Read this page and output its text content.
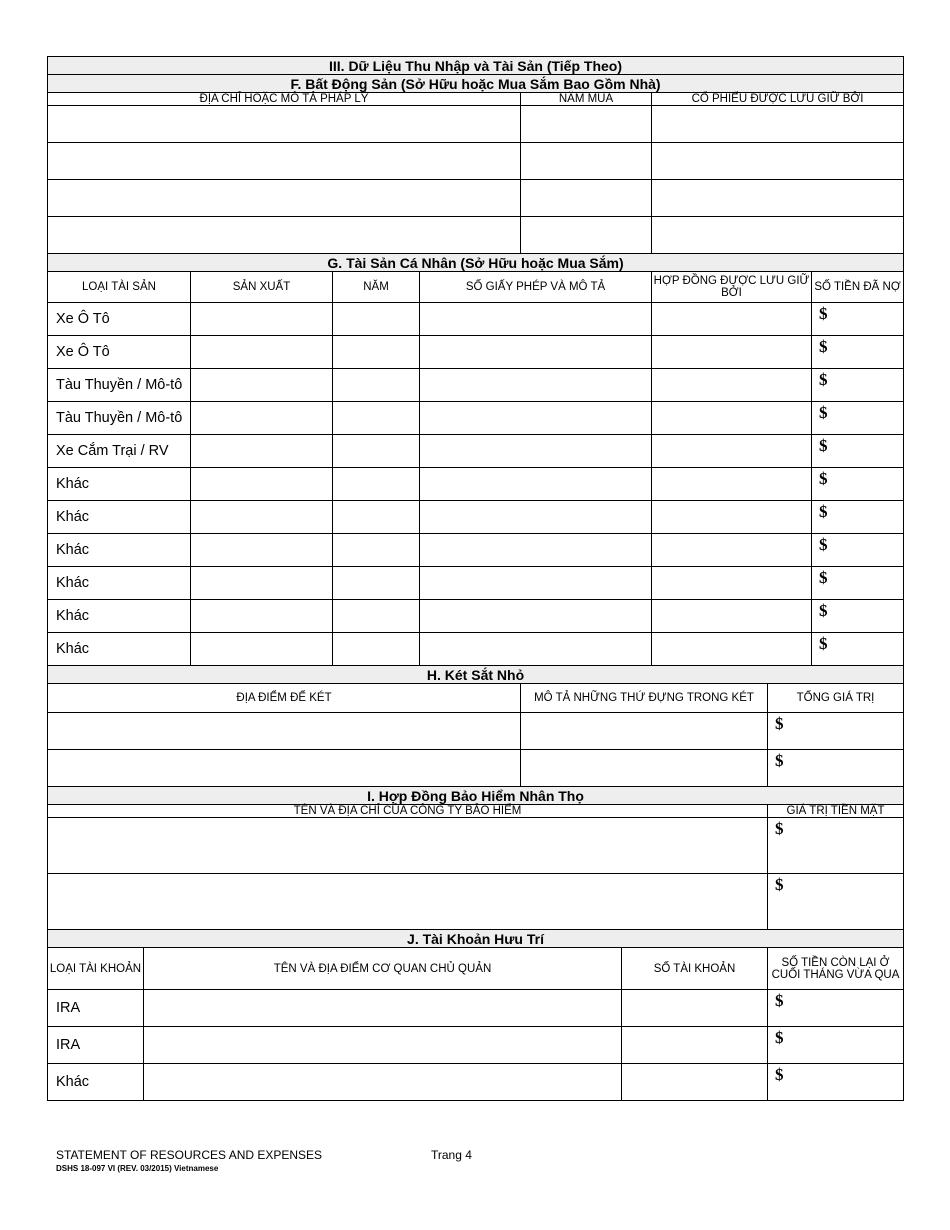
III. Dữ Liệu Thu Nhập và Tài Sản (Tiếp Theo)		
F. Bất Động Sản (Sở Hữu hoặc Mua Sắm Bao Gồm Nhà)		
ĐỊA CHỈ HOẶC MÔ TẢ PHÁP LÝ	NĂM MUA	CỔ PHIẾU ĐƯỢC LƯU GIỮ BỞI

G. Tài Sản Cá Nhân (Sở Hữu hoặc Mua Sắm)					
LOẠI TÀI SẢN	SẢN XUẤT	NĂM	SỐ GIẤY PHÉP VÀ MÔ TẢ	HỢP ĐỒNG ĐƯỢC LƯU GIỮ BỞI	SỐ TIỀN ĐÃ NỢ
Xe Ô Tô					$
Xe Ô Tô					$
Tàu Thuyền / Mô-tô					$
Tàu Thuyền / Mô-tô					$
Xe Cắm Trại / RV					$
Khác					$
Khác					$
Khác					$
Khác					$
Khác					$
Khác					$
H. Két Sắt Nhỏ		
ĐỊA ĐIỂM ĐỂ KÉT	MÔ TẢ NHỮNG THỨ ĐỰNG TRONG KÉT	TỔNG GIÁ TRỊ
		$
		$
I. Hợp Đồng Bảo Hiểm Nhân Thọ	
TÊN VÀ ĐỊA CHỈ CỦA CÔNG TY BẢO HIỂM	GIÁ TRỊ TIỀN MẶT
	$
	$
J. Tài Khoản Hưu Trí			
LOẠI TÀI KHOẢN	TÊN VÀ ĐỊA ĐIỂM CƠ QUAN CHỦ QUẢN	SỐ TÀI KHOẢN	SỐ TIỀN CÒN LẠI Ở CUỐI THÁNG VỪA QUA
IRA			$
IRA			$
Khác			$
STATEMENT OF RESOURCES AND EXPENSES
DSHS 18-097 VI (REV. 03/2015) Vietnamese
Trang 4
